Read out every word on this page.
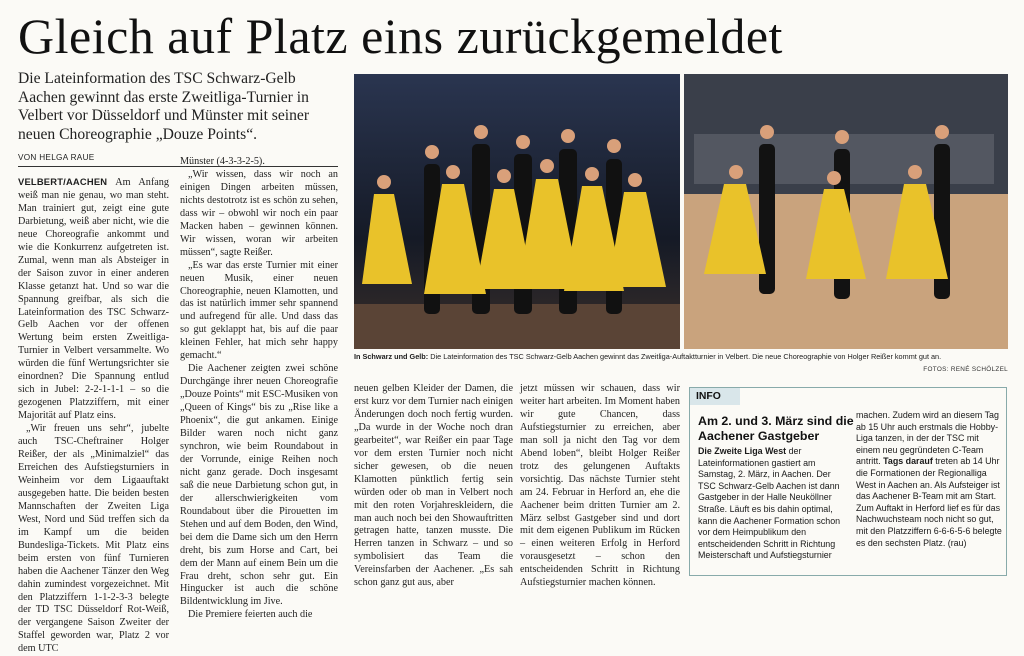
Gleich auf Platz eins zurückgemeldet
Die Lateinformation des TSC Schwarz-Gelb Aachen gewinnt das erste Zweitliga-Turnier in Velbert vor Düsseldorf und Münster mit seiner neuen Choreographie „Douze Points“.
VON HELGA RAUE

VELBERT/AACHEN Am Anfang weiß man nie genau, wo man steht. Man trainiert gut, zeigt eine gute Darbietung, weiß aber nicht, wie die neue Choreografie ankommt und wie die Konkurrenz aufgetreten ist. Zumal, wenn man als Absteiger in der Saison zuvor in einer anderen Klasse getanzt hat. Und so war die Spannung greifbar, als sich die Lateinformation des TSC Schwarz-Gelb Aachen vor der offenen Wertung beim ersten Zweitliga-Turnier in Velbert versammelte. Wo würden die fünf Wertungsrichter sie einordnen? Die Spannung entlud sich in Jubel: 2-2-1-1-1 – so die gezogenen Platzziffern, mit einer Majorität auf Platz eins.

„Wir freuen uns sehr“, jubelte auch TSC-Cheftrainer Holger Reißer, der als „Minimalziel“ das Erreichen des Aufstiegsturniers in Weinheim vor dem Ligaauftakt ausgegeben hatte. Die beiden besten Mannschaften der Zweiten Liga West, Nord und Süd treffen sich da im Kampf um die beiden Bundesliga-Tickets. Mit Platz eins beim ersten von fünf Turnieren haben die Aachener Tänzer den Weg dahin zumindest vorgezeichnet. Mit den Platzziffern 1-1-2-3-3 belegte der TD TSC Düsseldorf Rot-Weiß, der vergangene Saison Zweiter der Staffel geworden war, Platz 2 vor dem UTC

Münster (4-3-3-2-5).

„Wir wissen, dass wir noch an einigen Dingen arbeiten müssen, nichts destotrotz ist es schön zu sehen, dass wir – obwohl wir noch ein paar Macken haben – gewinnen können. Wir wissen, woran wir arbeiten müssen“, sagte Reißer.

„Es war das erste Turnier mit einer neuen Musik, einer neuen Choreographie, neuen Klamotten, und das ist natürlich immer sehr spannend und aufregend für alle. Und dass das so gut geklappt hat, bis auf die paar kleinen Fehler, hat mich sehr happy gemacht.“

Die Aachener zeigten zwei schöne Durchgänge ihrer neuen Choreografie „Douze Points“ mit ESC-Musiken von „Queen of Kings“ bis zu „Rise like a Phoenix“, die gut ankamen. Einige Bilder waren noch nicht ganz synchron, wie beim Roundabout in der Vorrunde, einige Reihen noch nicht ganz gerade. Doch insgesamt saß die neue Darbietung schon gut, in der allerschwierigkeiten vom Roundabout über die Pirouetten im Stehen und auf dem Boden, den Wind, bei dem die Dame sich um den Herrn dreht, bis zum Horse and Cart, bei dem der Mann auf einem Bein um die Frau dreht, schon sehr gut. Ein Hingucker ist auch die schöne Bildentwicklung im Jive.

Die Premiere feierten auch die

In Schwarz und Gelb: Die Lateinformation des TSC Schwarz-Gelb Aachen gewinnt das Zweitliga-Auftaktturnier in Velbert. Die neue Choreographie von Holger Reißer kommt gut an.
FOTOS: RENÉ SCHÖLZEL

neuen gelben Kleider der Damen, die erst kurz vor dem Turnier nach einigen Änderungen doch noch fertig wurden. „Da wurde in der Woche noch dran gearbeitet“, war Reißer ein paar Tage vor dem ersten Turnier noch nicht sicher gewesen, ob die neuen Klamotten pünktlich fertig sein würden oder ob man in Velbert noch mit den roten Vorjahreskleidern, die man auch noch bei den Showauftritten getragen hatte, tanzen musste. Die Herren tanzen in Schwarz – und so symbolisiert das Team die Vereinsfarben der Aachener. „Es sah schon ganz gut aus, aber

jetzt müssen wir schauen, dass wir weiter hart arbeiten. Im Moment haben wir gute Chancen, dass Aufstiegsturnier zu erreichen, aber man soll ja nicht den Tag vor dem Abend loben“, bleibt Holger Reißer trotz des gelungenen Auftakts vorsichtig. Das nächste Turnier steht am 24. Februar in Herford an, ehe die Aachener beim dritten Turnier am 2. März selbst Gastgeber sind und dort mit dem eigenen Publikum im Rücken – einen weiteren Erfolg in Herford vorausgesetzt – schon den entscheidenden Schritt in Richtung Aufstiegsturnier machen können.

INFO
Am 2. und 3. März sind die Aachener Gastgeber
Die Zweite Liga West der Lateinformationen gastiert am Samstag, 2. März, in Aachen. Der TSC Schwarz-Gelb Aachen ist dann Gastgeber in der Halle Neuköllner Straße. Läuft es bis dahin optimal, kann die Aachener Formation schon vor dem Heimpublikum den entscheidenden Schritt in Richtung Meisterschaft und Aufstiegsturnier
machen. Zudem wird an diesem Tag ab 15 Uhr auch erstmals die Hobby-Liga tanzen, in der der TSC mit einem neu gegründeten C-Team antritt. Tags darauf treten ab 14 Uhr die Formationen der Regionalliga West in Aachen an. Als Aufsteiger ist das Aachener B-Team mit am Start. Zum Auftakt in Herford lief es für das Nachwuchsteam noch nicht so gut, mit den Platzziffern 6-6-6-5-6 belegte es den sechsten Platz. (rau)
